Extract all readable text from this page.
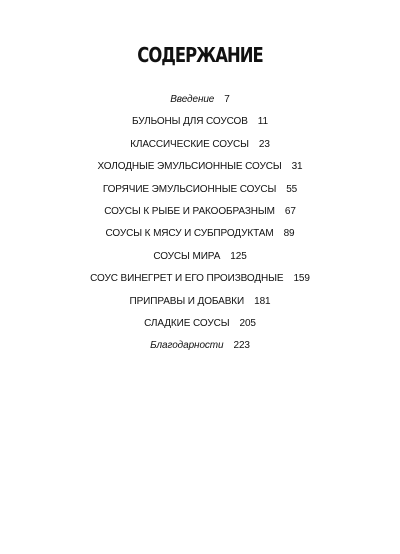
СОДЕРЖАНИЕ
Введение 7
БУЛЬОНЫ ДЛЯ СОУСОВ 11
КЛАССИЧЕСКИЕ СОУСЫ 23
ХОЛОДНЫЕ ЭМУЛЬСИОННЫЕ СОУСЫ 31
ГОРЯЧИЕ ЭМУЛЬСИОННЫЕ СОУСЫ 55
СОУСЫ К РЫБЕ И РАКООБРАЗНЫМ 67
СОУСЫ К МЯСУ И СУБПРОДУКТАМ 89
СОУСЫ МИРА 125
СОУС ВИНЕГРЕТ И ЕГО ПРОИЗВОДНЫЕ 159
ПРИПРАВЫ И ДОБАВКИ 181
СЛАДКИЕ СОУСЫ 205
Благодарности 223
